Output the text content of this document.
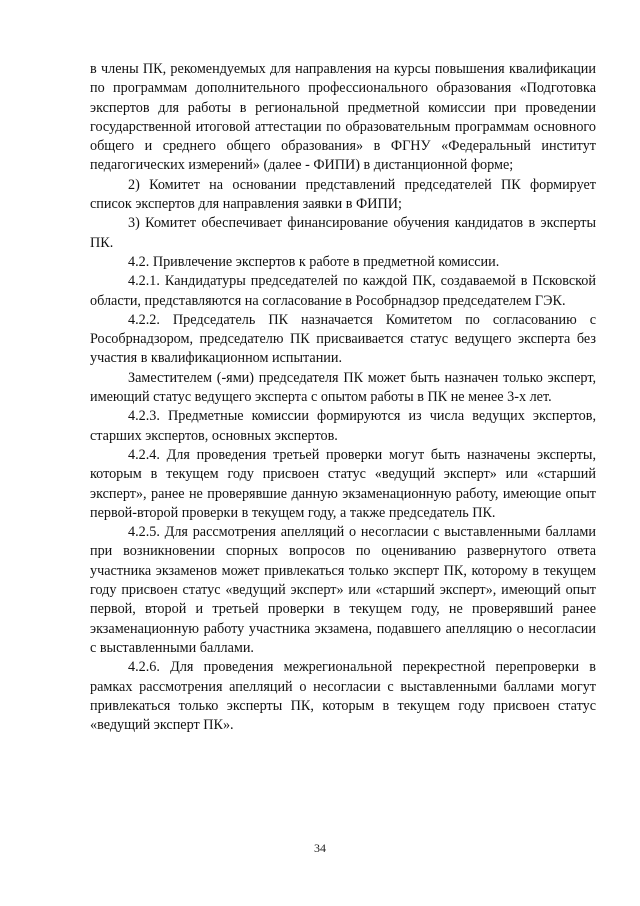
в члены ПК, рекомендуемых для направления на курсы повышения квалификации по программам дополнительного профессионального образования «Подготовка экспертов для работы в региональной предметной комиссии при проведении государственной итоговой аттестации по образовательным программам основного общего и среднего общего образования» в ФГНУ «Федеральный институт педагогических измерений» (далее - ФИПИ) в дистанционной форме;

2) Комитет на основании представлений председателей ПК формирует список экспертов для направления заявки в ФИПИ;

3) Комитет обеспечивает финансирование обучения кандидатов в эксперты ПК.

4.2. Привлечение экспертов к работе в предметной комиссии.

4.2.1. Кандидатуры председателей по каждой ПК, создаваемой в Псковской области, представляются на согласование в Рособрнадзор председателем ГЭК.

4.2.2. Председатель ПК назначается Комитетом по согласованию с Рособрнадзором, председателю ПК присваивается статус ведущего эксперта без участия в квалификационном испытании.

Заместителем (-ями) председателя ПК может быть назначен только эксперт, имеющий статус ведущего эксперта с опытом работы в ПК не менее 3-х лет.

4.2.3. Предметные комиссии формируются из числа ведущих экспертов, старших экспертов, основных экспертов.

4.2.4. Для проведения третьей проверки могут быть назначены эксперты, которым в текущем году присвоен статус «ведущий эксперт» или «старший эксперт», ранее не проверявшие данную экзаменационную работу, имеющие опыт первой-второй проверки в текущем году, а также председатель ПК.

4.2.5. Для рассмотрения апелляций о несогласии с выставленными баллами при возникновении спорных вопросов по оцениванию развернутого ответа участника экзаменов может привлекаться только эксперт ПК, которому в текущем году присвоен статус «ведущий эксперт» или «старший эксперт», имеющий опыт первой, второй и третьей проверки в текущем году, не проверявший ранее экзаменационную работу участника экзамена, подавшего апелляцию о несогласии с выставленными баллами.

4.2.6. Для проведения межрегиональной перекрестной перепроверки в рамках рассмотрения апелляций о несогласии с выставленными баллами могут привлекаться только эксперты ПК, которым в текущем году присвоен статус «ведущий эксперт ПК».

34
